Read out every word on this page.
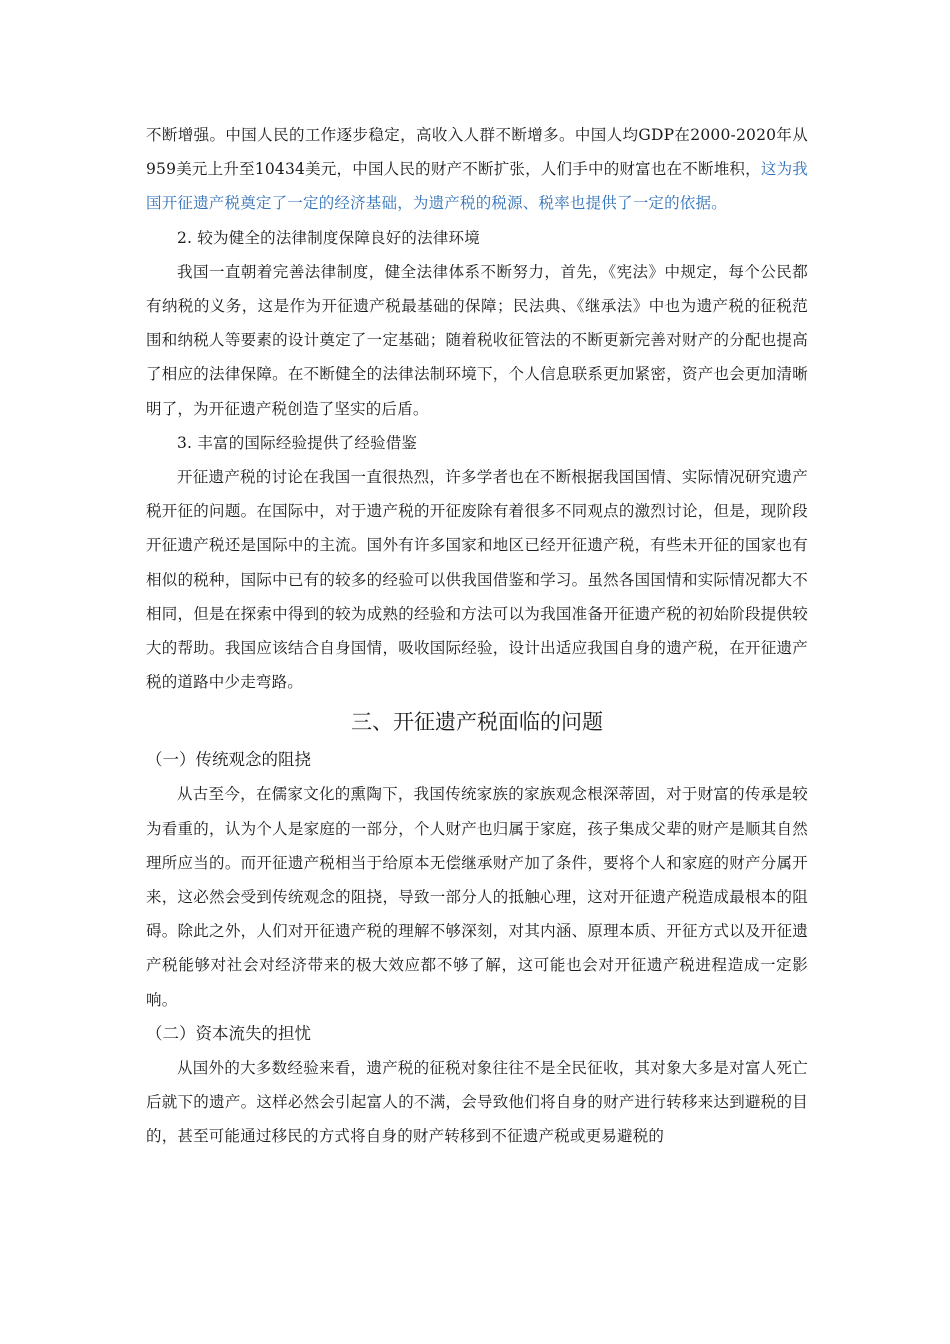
不断增强。中国人民的工作逐步稳定，高收入人群不断增多。中国人均GDP在2000-2020年从959美元上升至10434美元，中国人民的财产不断扩张，人们手中的财富也在不断堆积，这为我国开征遗产税奠定了一定的经济基础，为遗产税的税源、税率也提供了一定的依据。

2. 较为健全的法律制度保障良好的法律环境

我国一直朝着完善法律制度，健全法律体系不断努力，首先，《宪法》中规定，每个公民都有纳税的义务，这是作为开征遗产税最基础的保障；民法典、《继承法》中也为遗产税的征税范围和纳税人等要素的设计奠定了一定基础；随着税收征管法的不断更新完善对财产的分配也提高了相应的法律保障。在不断健全的法律法制环境下，个人信息联系更加紧密，资产也会更加清晰明了，为开征遗产税创造了坚实的后盾。

3. 丰富的国际经验提供了经验借鉴

开征遗产税的讨论在我国一直很热烈，许多学者也在不断根据我国国情、实际情况研究遗产税开征的问题。在国际中，对于遗产税的开征废除有着很多不同观点的激烈讨论，但是，现阶段开征遗产税还是国际中的主流。国外有许多国家和地区已经开征遗产税，有些未开征的国家也有相似的税种，国际中已有的较多的经验可以供我国借鉴和学习。虽然各国国情和实际情况都大不相同，但是在探索中得到的较为成熟的经验和方法可以为我国准备开征遗产税的初始阶段提供较大的帮助。我国应该结合自身国情，吸收国际经验，设计出适应我国自身的遗产税，在开征遗产税的道路中少走弯路。

三、开征遗产税面临的问题
（一）传统观念的阻挠

从古至今，在儒家文化的熏陶下，我国传统家族的家族观念根深蒂固，对于财富的传承是较为看重的，认为个人是家庭的一部分，个人财产也归属于家庭，孩子集成父辈的财产是顺其自然理所应当的。而开征遗产税相当于给原本无偿继承财产加了条件，要将个人和家庭的财产分属开来，这必然会受到传统观念的阻挠，导致一部分人的抵触心理，这对开征遗产税造成最根本的阻碍。除此之外，人们对开征遗产税的理解不够深刻，对其内涵、原理本质、开征方式以及开征遗产税能够对社会对经济带来的极大效应都不够了解，这可能也会对开征遗产税进程造成一定影响。

（二）资本流失的担忧

从国外的大多数经验来看，遗产税的征税对象往往不是全民征收，其对象大多是对富人死亡后就下的遗产。这样必然会引起富人的不满，会导致他们将自身的财产进行转移来达到避税的目的，甚至可能通过移民的方式将自身的财产转移到不征遗产税或更易避税的
